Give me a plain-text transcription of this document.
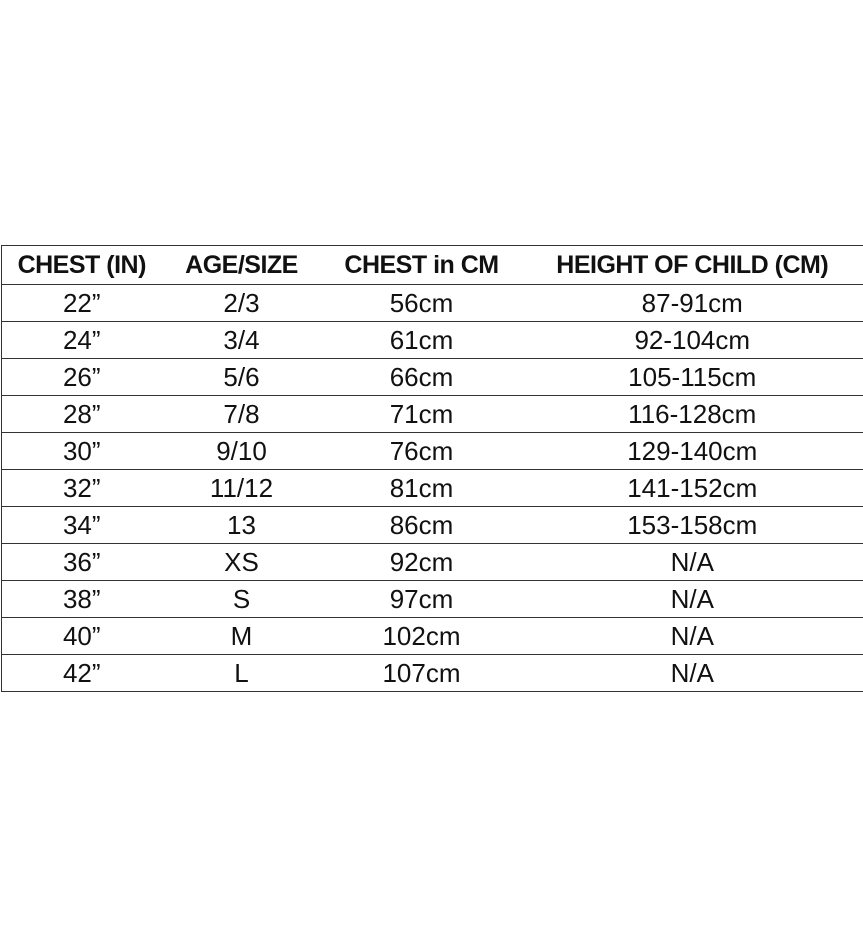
CHEST (IN)	AGE/SIZE	CHEST in CM	HEIGHT OF CHILD (CM)
22”	2/3	56cm	87-91cm
24”	3/4	61cm	92-104cm
26”	5/6	66cm	105-115cm
28”	7/8	71cm	116-128cm
30”	9/10	76cm	129-140cm
32”	11/12	81cm	141-152cm
34”	13	86cm	153-158cm
36”	XS	92cm	N/A
38”	S	97cm	N/A
40”	M	102cm	N/A
42”	L	107cm	N/A
